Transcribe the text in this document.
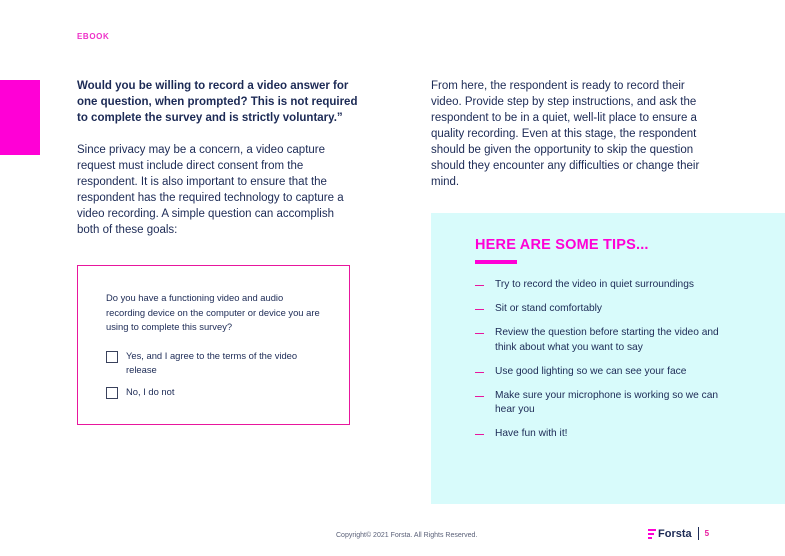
EBOOK

Would you be willing to record a video answer for one question, when prompted? This is not required to complete the survey and is strictly voluntary.”

Since privacy may be a concern, a video capture request must include direct consent from the respondent. It is also important to ensure that the respondent has the required technology to capture a video recording. A simple question can accomplish both of these goals:

Do you have a functioning video and audio recording device on the computer or device you are using to complete this survey?

Yes, and I agree to the terms of the video release
No, I do not

From here, the respondent is ready to record their video. Provide step by step instructions, and ask the respondent to be in a quiet, well-lit place to ensure a quality recording. Even at this stage, the respondent should be given the opportunity to skip the question should they encounter any difficulties or change their mind.

HERE ARE SOME TIPS...
Try to record the video in quiet surroundings
Sit or stand comfortably
Review the question before starting the video and think about what you want to say
Use good lighting so we can see your face
Make sure your microphone is working so we can hear you
Have fun with it!
Copyright© 2021 Forsta. All Rights Reserved.	Forsta 5
